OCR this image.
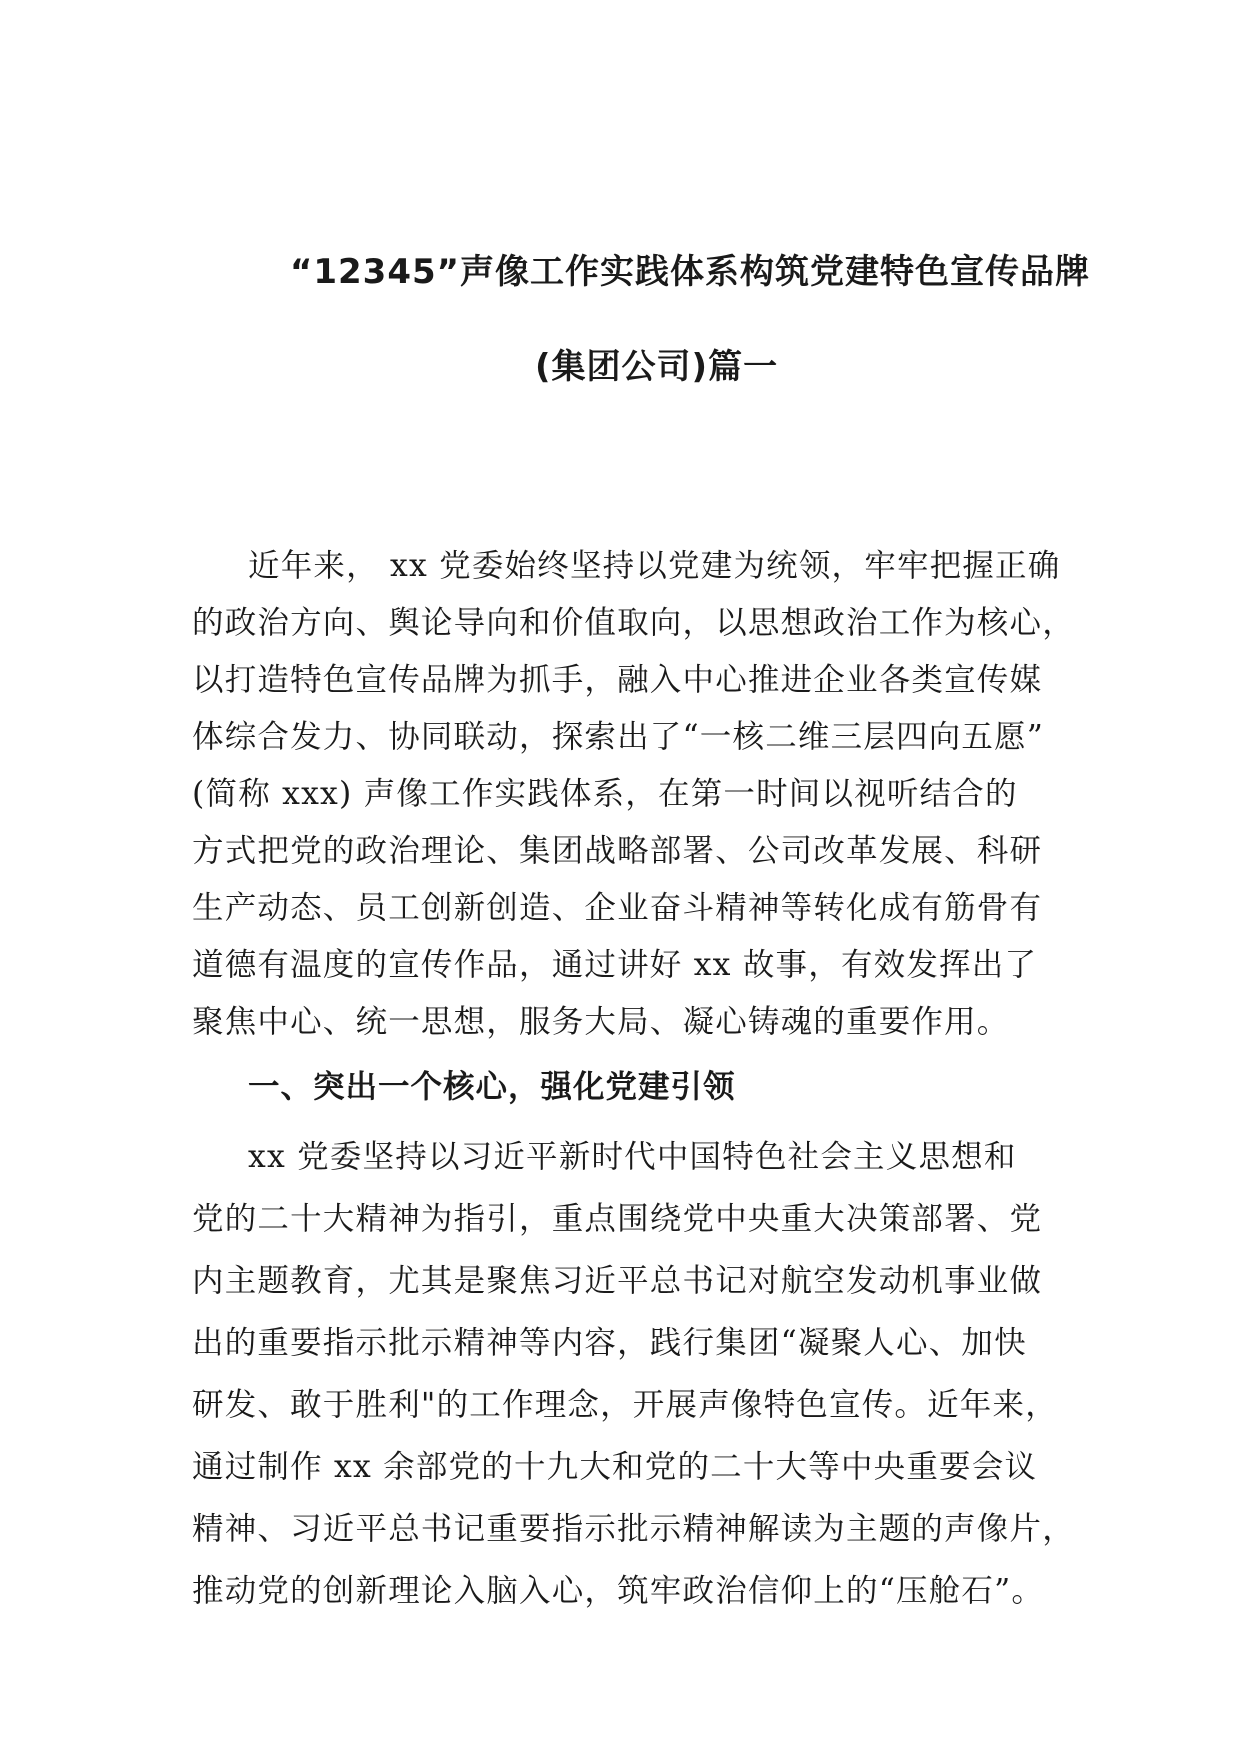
“12345”声像工作实践体系构筑党建特色宣传品牌
(集团公司)篇一

近年来， xx 党委始终坚持以党建为统领，牢牢把握正确

的政治方向、舆论导向和价值取向，以思想政治工作为核心，

以打造特色宣传品牌为抓手，融入中心推进企业各类宣传媒

体综合发力、协同联动，探索出了“一核二维三层四向五愿”

(简称 xxx) 声像工作实践体系，在第一时间以视听结合的

方式把党的政治理论、集团战略部署、公司改革发展、科研

生产动态、员工创新创造、企业奋斗精神等转化成有筋骨有

道德有温度的宣传作品，通过讲好 xx 故事，有效发挥出了

聚焦中心、统一思想，服务大局、凝心铸魂的重要作用。

一、突出一个核心，强化党建引领

xx 党委坚持以习近平新时代中国特色社会主义思想和

党的二十大精神为指引，重点围绕党中央重大决策部署、党

内主题教育，尤其是聚焦习近平总书记对航空发动机事业做

出的重要指示批示精神等内容，践行集团“凝聚人心、加快

研发、敢于胜利"的工作理念，开展声像特色宣传。近年来，

通过制作 xx 余部党的十九大和党的二十大等中央重要会议

精神、习近平总书记重要指示批示精神解读为主题的声像片，

推动党的创新理论入脑入心，筑牢政治信仰上的“压舱石”。
